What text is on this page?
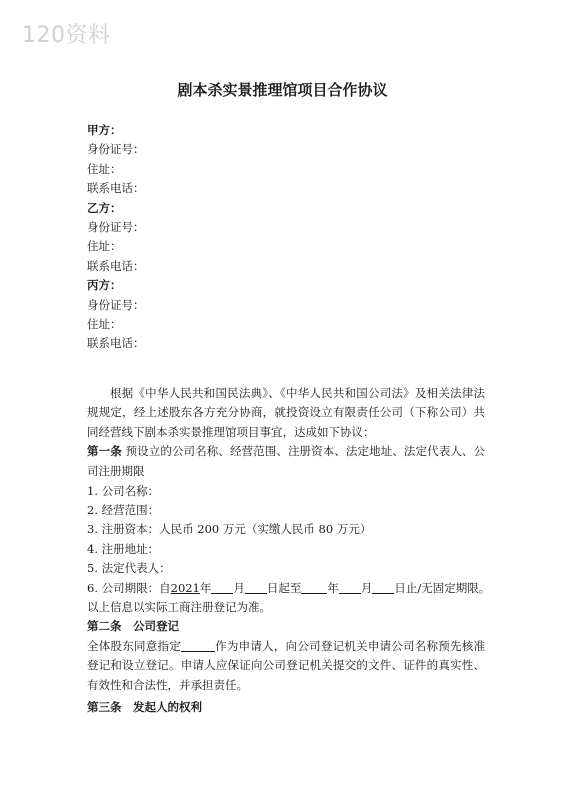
120资料
剧本杀实景推理馆项目合作协议
甲方：
身份证号：
住址：
联系电话：
乙方：
身份证号：
住址：
联系电话：
丙方：
身份证号：
住址：
联系电话：
根据《中华人民共和国民法典》、《中华人民共和国公司法》及相关法律法规规定，经上述股东各方充分协商，就投资设立有限责任公司（下称公司）共同经营线下剧本杀实景推理馆项目事宜，达成如下协议：
第一条 预设立的公司名称、经营范围、注册资本、法定地址、法定代表人、公司注册期限
1. 公司名称：
2. 经营范围：
3. 注册资本：人民币 200 万元（实缴人民币 80 万元）
4. 注册地址：
5. 法定代表人：
6. 公司期限：自2021年 月 日起至 年 月 日止/无固定期限。
以上信息以实际工商注册登记为准。
第二条　公司登记
全体股东同意指定	作为申请人，向公司登记机关申请公司名称预先核准登记和设立登记。申请人应保证向公司登记机关提交的文件、证件的真实性、有效性和合法性，并承担责任。
第三条　发起人的权利
